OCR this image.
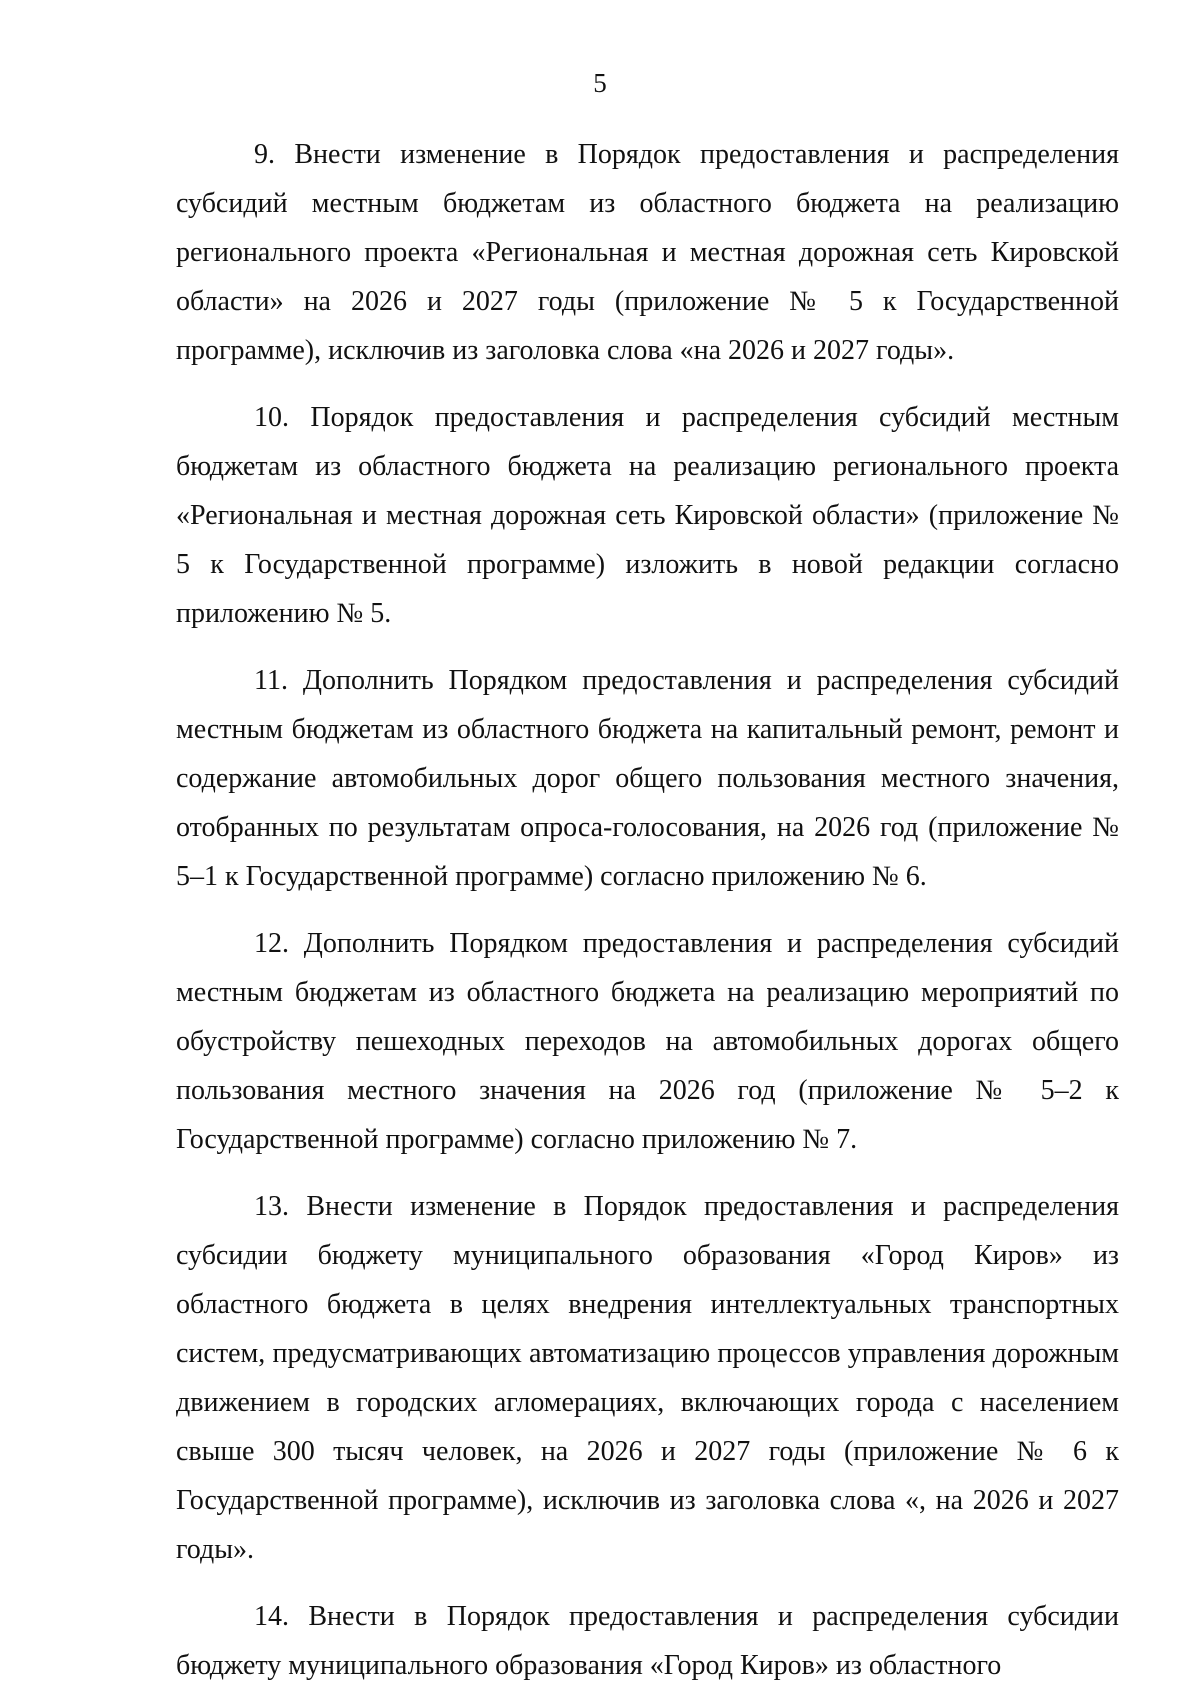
5

9. Внести изменение в Порядок предоставления и распределения субсидий местным бюджетам из областного бюджета на реализацию регионального проекта «Региональная и местная дорожная сеть Кировской области» на 2026 и 2027 годы (приложение № 5 к Государственной программе), исключив из заголовка слова «на 2026 и 2027 годы».

10. Порядок предоставления и распределения субсидий местным бюджетам из областного бюджета на реализацию регионального проекта «Региональная и местная дорожная сеть Кировской области» (приложение № 5 к Государственной программе) изложить в новой редакции согласно приложению № 5.

11. Дополнить Порядком предоставления и распределения субсидий местным бюджетам из областного бюджета на капитальный ремонт, ремонт и содержание автомобильных дорог общего пользования местного значения, отобранных по результатам опроса-голосования, на 2026 год (приложение № 5–1 к Государственной программе) согласно приложению № 6.

12. Дополнить Порядком предоставления и распределения субсидий местным бюджетам из областного бюджета на реализацию мероприятий по обустройству пешеходных переходов на автомобильных дорогах общего пользования местного значения на 2026 год (приложение № 5–2 к Государственной программе) согласно приложению № 7.

13. Внести изменение в Порядок предоставления и распределения субсидии бюджету муниципального образования «Город Киров» из областного бюджета в целях внедрения интеллектуальных транспортных систем, предусматривающих автоматизацию процессов управления дорожным движением в городских агломерациях, включающих города с населением свыше 300 тысяч человек, на 2026 и 2027 годы (приложение № 6 к Государственной программе), исключив из заголовка слова «, на 2026 и 2027 годы».

14. Внести в Порядок предоставления и распределения субсидии бюджету муниципального образования «Город Киров» из областного
